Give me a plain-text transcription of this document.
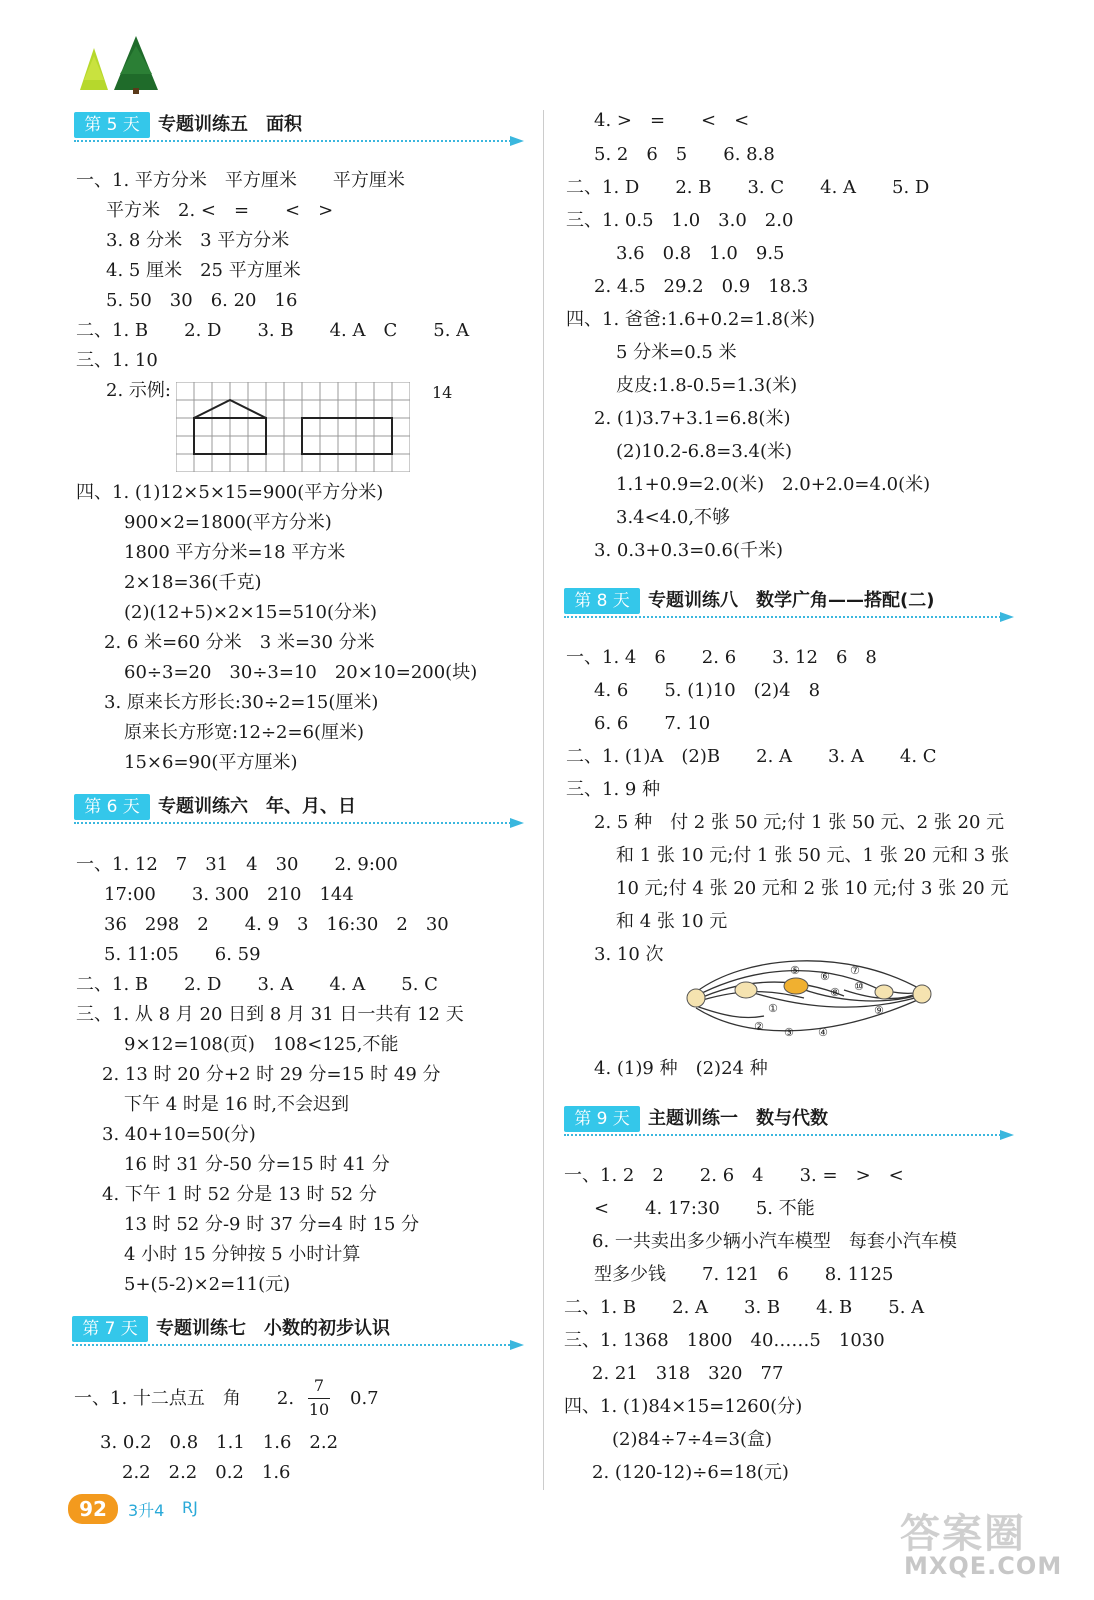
第 5 天	专题训练五　面积
一、1. 平方分米　平方厘米　　平方厘米
平方米　2. <　=　　<　>
3. 8 分米　3 平方分米
4. 5 厘米　25 平方厘米
5. 50　30　6. 20　16
二、1. B　　2. D　　3. B　　4. A　C　　5. A
三、1. 10
2. 示例:	14
四、1. (1)12×5×15=900(平方分米)
900×2=1800(平方分米)
1800 平方分米=18 平方米
2×18=36(千克)
(2)(12+5)×2×15=510(分米)
2. 6 米=60 分米　3 米=30 分米
60÷3=20　30÷3=10　20×10=200(块)
3. 原来长方形长:30÷2=15(厘米)
原来长方形宽:12÷2=6(厘米)
15×6=90(平方厘米)
第 6 天	专题训练六　年、月、日
一、1. 12　7　31　4　30　　2. 9:00
17:00　　3. 300　210　144
36　298　2　　4. 9　3　16:30　2　30
5. 11:05　　6. 59
二、1. B　　2. D　　3. A　　4. A　　5. C
三、1. 从 8 月 20 日到 8 月 31 日一共有 12 天
9×12=108(页)　108<125,不能
2. 13 时 20 分+2 时 29 分=15 时 49 分
下午 4 时是 16 时,不会迟到
3. 40+10=50(分)
16 时 31 分-50 分=15 时 41 分
4. 下午 1 时 52 分是 13 时 52 分
13 时 52 分-9 时 37 分=4 时 15 分
4 小时 15 分钟按 5 小时计算
5+(5-2)×2=11(元)
第 7 天	专题训练七　小数的初步认识
一、1. 十二点五　角　　2.
7
10
0.7
3. 0.2　0.8　1.1　1.6　2.2
2.2　2.2　0.2　1.6
4. >　=　　<　<
5. 2　6　5　　6. 8.8
二、1. D　　2. B　　3. C　　4. A　　5. D
三、1. 0.5　1.0　3.0　2.0
3.6　0.8　1.0　9.5
2. 4.5　29.2　0.9　18.3
四、1. 爸爸:1.6+0.2=1.8(米)
5 分米=0.5 米
皮皮:1.8-0.5=1.3(米)
2. (1)3.7+3.1=6.8(米)
(2)10.2-6.8=3.4(米)
1.1+0.9=2.0(米)　2.0+2.0=4.0(米)
3.4<4.0,不够
3. 0.3+0.3=0.6(千米)
第 8 天	专题训练八　数学广角——搭配(二)
一、1. 4　6　　2. 6　　3. 12　6　8
4. 6　　5. (1)10　(2)4　8
6. 6　　7. 10
二、1. (1)A　(2)B　　2. A　　3. A　　4. C
三、1. 9 种
2. 5 种　付 2 张 50 元;付 1 张 50 元、2 张 20 元
和 1 张 10 元;付 1 张 50 元、1 张 20 元和 3 张
10 元;付 4 张 20 元和 2 张 10 元;付 3 张 20 元
和 4 张 10 元
3. 10 次
①
② ③ ④
⑤ ⑥ ⑦
⑧
⑨
⑩
4. (1)9 种　(2)24 种
第 9 天	主题训练一　数与代数
一、1. 2　2　　2. 6　4　　3. =　>　<
<　　4. 17:30　　5. 不能
6. 一共卖出多少辆小汽车模型　每套小汽车模
型多少钱　　7. 121　6　　8. 1125
二、1. B　　2. A　　3. B　　4. B　　5. A
三、1. 1368　1800　40……5　1030
2. 21　318　320　77
四、1. (1)84×15=1260(分)
(2)84÷7÷4=3(盒)
2. (120-12)÷6=18(元)
92	3升4 RJ
答案圈
MXQE.COM
